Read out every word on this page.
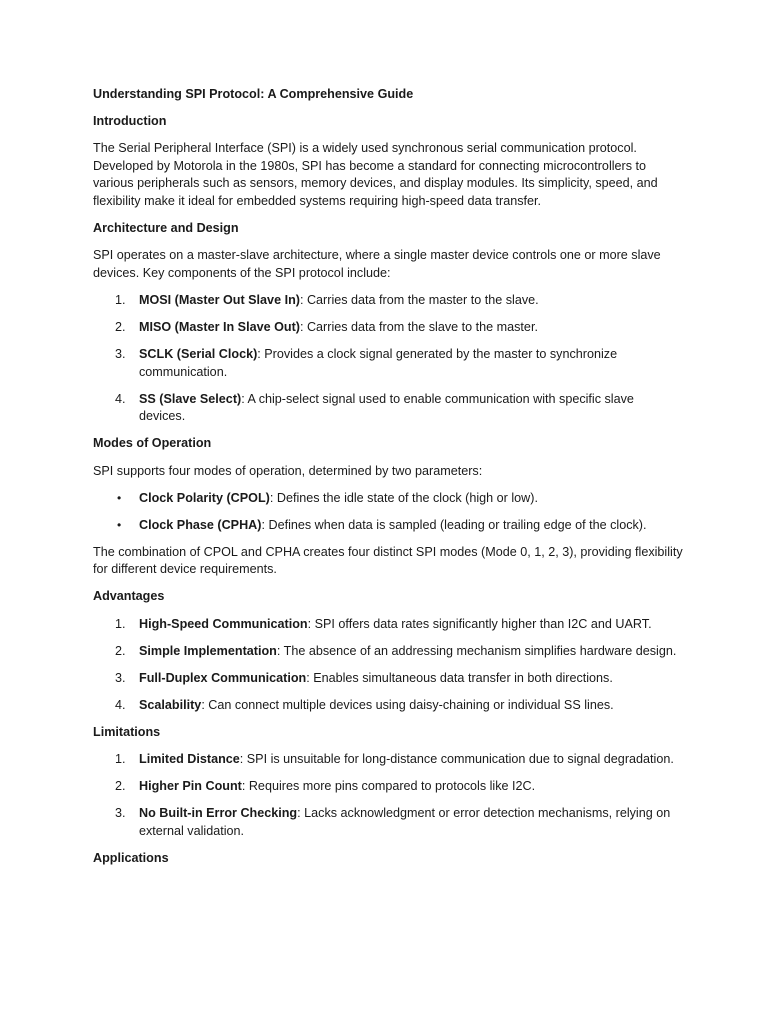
Understanding SPI Protocol: A Comprehensive Guide

Introduction

The Serial Peripheral Interface (SPI) is a widely used synchronous serial communication protocol. Developed by Motorola in the 1980s, SPI has become a standard for connecting microcontrollers to various peripherals such as sensors, memory devices, and display modules. Its simplicity, speed, and flexibility make it ideal for embedded systems requiring high-speed data transfer.

Architecture and Design

SPI operates on a master-slave architecture, where a single master device controls one or more slave devices. Key components of the SPI protocol include:

1.	MOSI (Master Out Slave In): Carries data from the master to the slave.
2.	MISO (Master In Slave Out): Carries data from the slave to the master.
3.	SCLK (Serial Clock): Provides a clock signal generated by the master to synchronize communication.
4.	SS (Slave Select): A chip-select signal used to enable communication with specific slave devices.

Modes of Operation

SPI supports four modes of operation, determined by two parameters:

• Clock Polarity (CPOL): Defines the idle state of the clock (high or low).
• Clock Phase (CPHA): Defines when data is sampled (leading or trailing edge of the clock).

The combination of CPOL and CPHA creates four distinct SPI modes (Mode 0, 1, 2, 3), providing flexibility for different device requirements.

Advantages

1.	High-Speed Communication: SPI offers data rates significantly higher than I2C and UART.
2.	Simple Implementation: The absence of an addressing mechanism simplifies hardware design.
3.	Full-Duplex Communication: Enables simultaneous data transfer in both directions.
4.	Scalability: Can connect multiple devices using daisy-chaining or individual SS lines.

Limitations

1.	Limited Distance: SPI is unsuitable for long-distance communication due to signal degradation.
2.	Higher Pin Count: Requires more pins compared to protocols like I2C.
3.	No Built-in Error Checking: Lacks acknowledgment or error detection mechanisms, relying on external validation.

Applications
